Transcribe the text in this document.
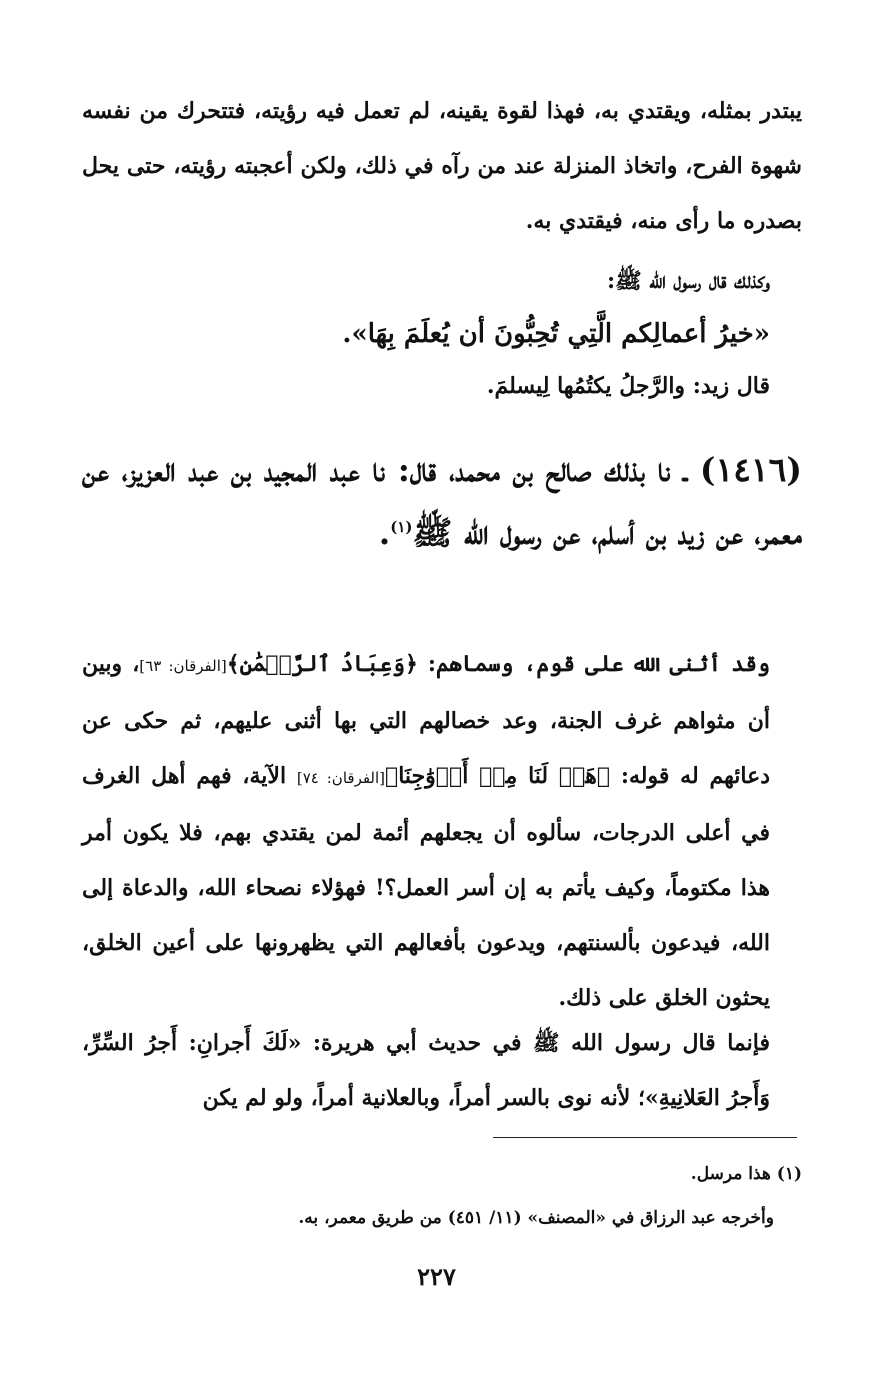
يبتدر بمثله، ويقتدي به، فهذا لقوة يقينه، لم تعمل فيه رؤيته، فتتحرك من نفسه شهوة الفرح، واتخاذ المنزلة عند من رآه في ذلك، ولكن أعجبته رؤيته، حتى يحل بصدره ما رأى منه، فيقتدي به.

وكذلك قال رسول الله ﷺ:
«خيرُ أعمالِكم الَّتِي تُحِبُّونَ أن يُعلَمَ بِهَا».
قال زيد: والرَّجلُ يكتُمُها لِيسلمَ.

(١٤١٦) ـ نا بذلك صالح بن محمد، قال: نا عبد المجيد بن عبد العزيز، عن معمر، عن زيد بن أسلم، عن رسول الله ﷺ$^{(١)}$.

وقد أثنى الله على قوم، وسماهم: ﴿وَعِبَادُ ٱلرَّحۡمَٰنِ﴾[الفرقان: ٦٣]، وبين أن مثواهم غرف الجنة، وعد خصالهم التي بها أثنى عليهم، ثم حكى عن دعائهم له قوله: ﴿هَبۡ لَنَا مِنۡ أَزۡوَٰجِنَا﴾[الفرقان: ٧٤] الآية، فهم أهل الغرف في أعلى الدرجات، سألوه أن يجعلهم أئمة لمن يقتدي بهم، فلا يكون أمر هذا مكتوماً، وكيف يأتم به إن أسر العمل؟! فهؤلاء نصحاء الله، والدعاة إلى الله، فيدعون بألسنتهم، ويدعون بأفعالهم التي يظهرونها على أعين الخلق، يحثون الخلق على ذلك.

فإنما قال رسول الله ﷺ في حديث أبي هريرة: «لَكَ أَجرانِ: أَجرُ السِّرِّ، وَأَجرُ العَلانِيةِ»؛ لأنه نوى بالسر أمراً، وبالعلانية أمراً، ولو لم يكن

(١) هذا مرسل.

وأخرجه عبد الرزاق في «المصنف» (١١/ ٤٥١) من طريق معمر، به.

٢٢٧
